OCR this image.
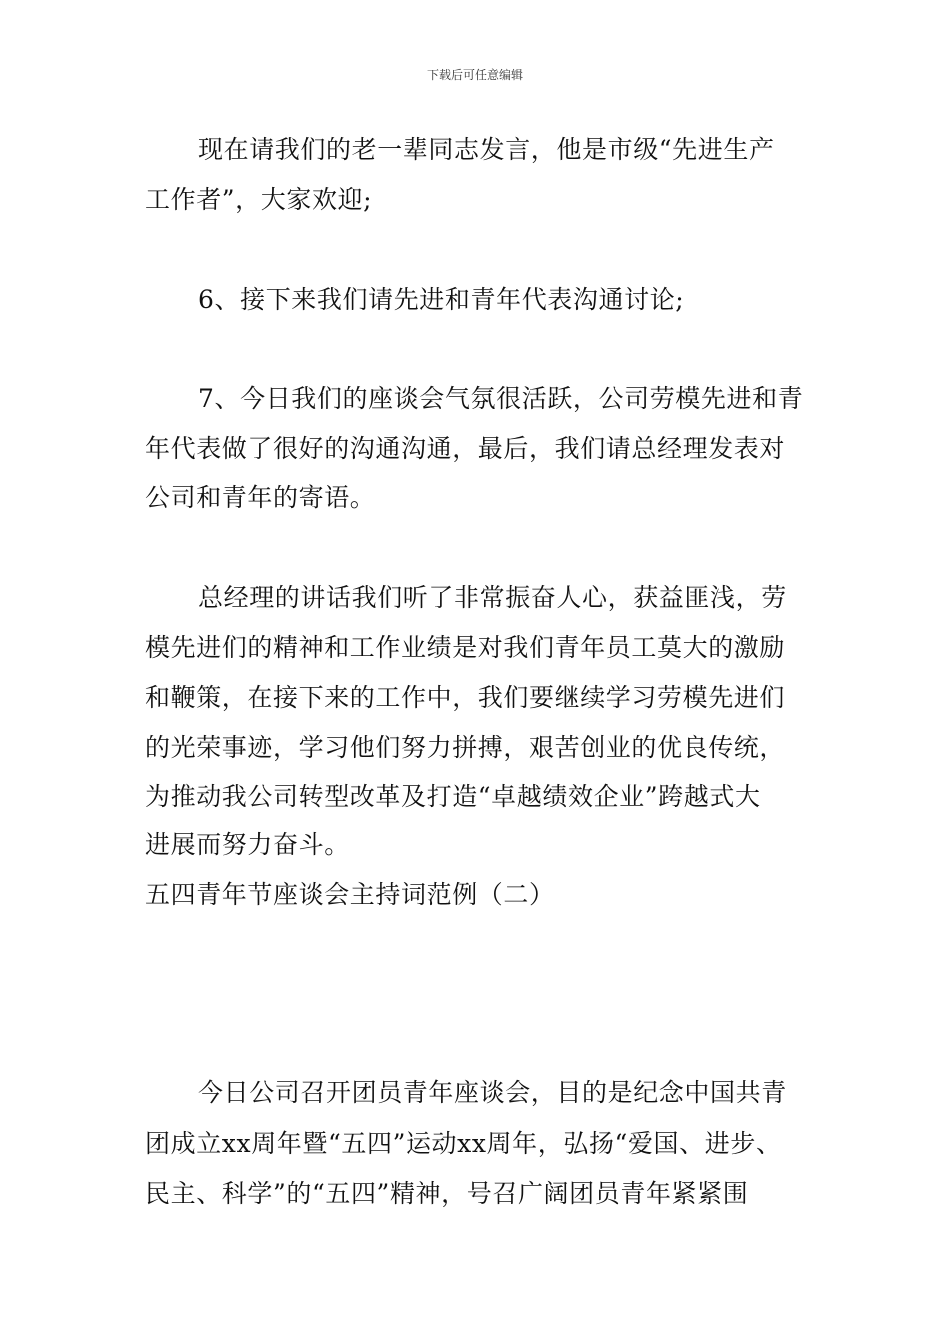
下载后可任意编辑
现在请我们的老一辈同志发言，他是市级“先进生产
工作者”，大家欢迎;
6、接下来我们请先进和青年代表沟通讨论;
7、今日我们的座谈会气氛很活跃，公司劳模先进和青
年代表做了很好的沟通沟通，最后，我们请总经理发表对
公司和青年的寄语。
总经理的讲话我们听了非常振奋人心，获益匪浅，劳
模先进们的精神和工作业绩是对我们青年员工莫大的激励
和鞭策，在接下来的工作中，我们要继续学习劳模先进们
的光荣事迹，学习他们努力拼搏，艰苦创业的优良传统，
为推动我公司转型改革及打造“卓越绩效企业”跨越式大
进展而努力奋斗。
五四青年节座谈会主持词范例（二）
今日公司召开团员青年座谈会，目的是纪念中国共青
团成立xx周年暨“五四”运动xx周年，弘扬“爱国、进步、
民主、科学”的“五四”精神，号召广阔团员青年紧紧围
